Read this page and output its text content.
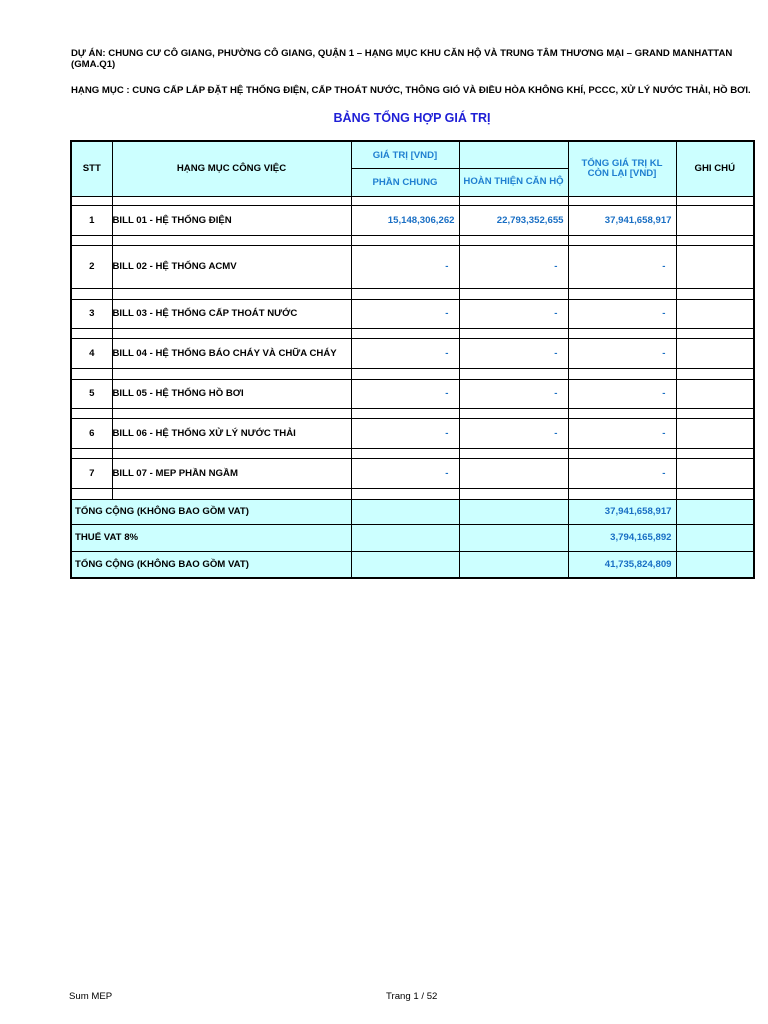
DỰ ÁN: CHUNG CƯ CÔ GIANG, PHƯỜNG CÔ GIANG, QUẬN 1 – HẠNG MỤC KHU CĂN HỘ VÀ TRUNG TÂM THƯƠNG MẠI – GRAND MANHATTAN (GMA.Q1)
HẠNG MỤC : CUNG CẤP LẮP ĐẶT HỆ THỐNG ĐIỆN, CẤP THOÁT NƯỚC, THÔNG GIÓ VÀ ĐIỀU HÒA KHÔNG KHÍ, PCCC, XỬ LÝ NƯỚC THẢI, HỒ BƠI.
BẢNG TỔNG HỢP GIÁ TRỊ
STT	HẠNG MỤC CÔNG VIỆC	GIÁ TRỊ [VND]		TỔNG GIÁ TRỊ KL CÒN LẠI [VND]	GHI CHÚ
		PHẦN CHUNG	HOÀN THIỆN CĂN HỘ		

1	BILL 01 - HỆ THỐNG ĐIỆN	15,148,306,262	22,793,352,655	37,941,658,917	

2	BILL 02 - HỆ THỐNG ACMV	-	-	-	

3	BILL 03 - HỆ THỐNG CẤP THOÁT NƯỚC	-	-	-	

4	BILL 04 - HỆ THỐNG BÁO CHÁY VÀ CHỮA CHÁY	-	-	-	

5	BILL 05 - HỆ THỐNG HỒ BƠI	-	-	-	

6	BILL 06 - HỆ THỐNG XỬ LÝ NƯỚC THẢI	-	-	-	

7	BILL 07 - MEP PHẦN NGẦM	-		-	

TỔNG CỘNG (KHÔNG BAO GỒM VAT)				37,941,658,917	
THUẾ VAT 8%				3,794,165,892	
TỔNG CỘNG (KHÔNG BAO GỒM VAT)				41,735,824,809	
Sum MEP	Trang 1 / 52
